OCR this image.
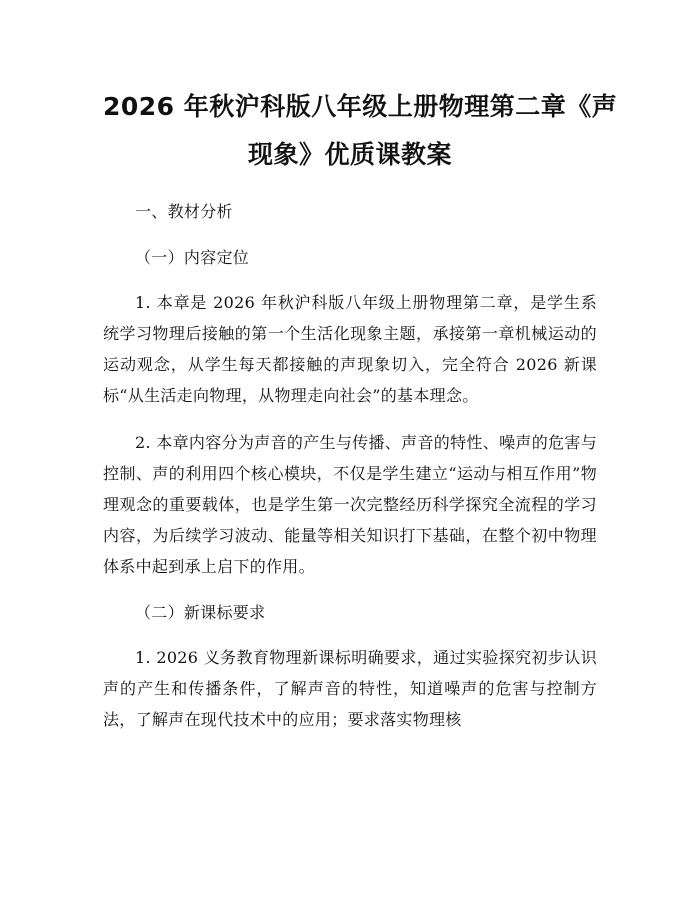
2026 年秋沪科版八年级上册物理第二章《声
现象》优质课教案

一、教材分析

（一）内容定位

1. 本章是 2026 年秋沪科版八年级上册物理第二章，是学生系统学习物理后接触的第一个生活化现象主题，承接第一章机械运动的运动观念，从学生每天都接触的声现象切入，完全符合 2026 新课标“从生活走向物理，从物理走向社会”的基本理念。

2. 本章内容分为声音的产生与传播、声音的特性、噪声的危害与控制、声的利用四个核心模块，不仅是学生建立“运动与相互作用”物理观念的重要载体，也是学生第一次完整经历科学探究全流程的学习内容，为后续学习波动、能量等相关知识打下基础，在整个初中物理体系中起到承上启下的作用。

（二）新课标要求

1. 2026 义务教育物理新课标明确要求，通过实验探究初步认识声的产生和传播条件，了解声音的特性，知道噪声的危害与控制方法，了解声在现代技术中的应用；要求落实物理核
